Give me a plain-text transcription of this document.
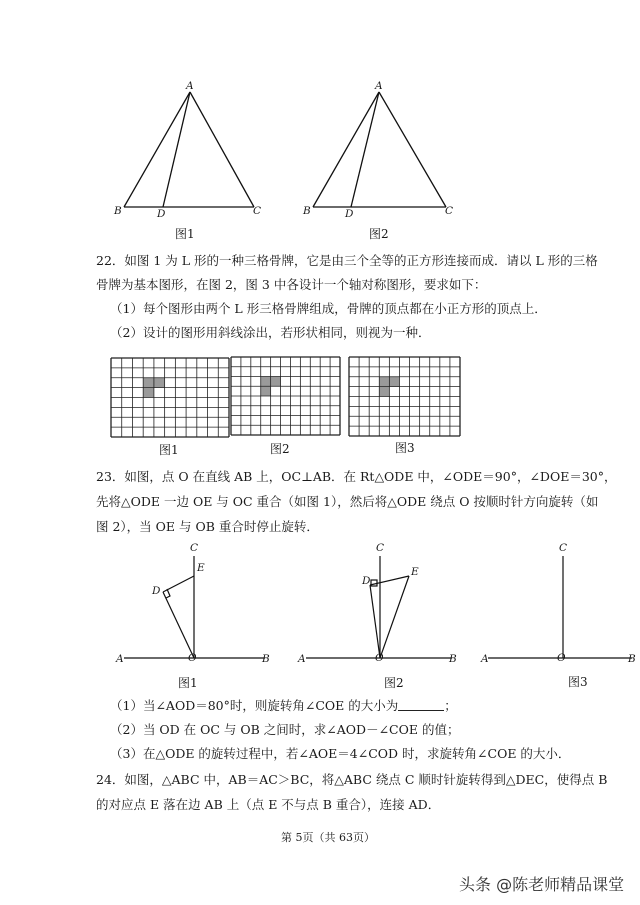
A
B	D	C
图1
A
B	D	C
图2
22．如图 1 为 L 形的一种三格骨牌，它是由三个全等的正方形连接而成．请以 L 形的三格
骨牌为基本图形，在图 2，图 3 中各设计一个轴对称图形，要求如下：
（1）每个图形由两个 L 形三格骨牌组成，骨牌的顶点都在小正方形的顶点上．
（2）设计的图形用斜线涂出，若形状相同，则视为一种．
图1	图2	图3
23．如图，点 O 在直线 AB 上，OC⊥AB．在 Rt△ODE 中，∠ODE＝90°，∠DOE＝30°，
先将△ODE 一边 OE 与 OC 重合（如图 1），然后将△ODE 绕点 O 按顺时针方向旋转（如
图 2），当 OE 与 OB 重合时停止旋转．
C
E
D
A	O	B
图1
C
E
D
A	O	B
图2
C
A	O	B
图3
（1）当∠AOD＝80°时，则旋转角∠COE 的大小为	；
（2）当 OD 在 OC 与 OB 之间时，求∠AOD－∠COE 的值；
（3）在△ODE 的旋转过程中，若∠AOE＝4∠COD 时，求旋转角∠COE 的大小．
24．如图，△ABC 中，AB＝AC＞BC，将△ABC 绕点 C 顺时针旋转得到△DEC，使得点 B
的对应点 E 落在边 AB 上（点 E 不与点 B 重合），连接 AD．
第 5页（共 63页）
头条 @陈老师精品课堂
